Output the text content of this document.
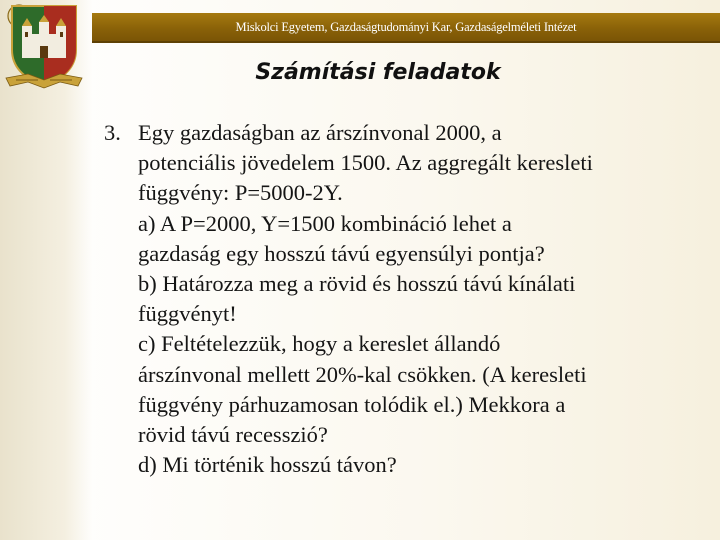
Miskolci Egyetem, Gazdaságtudományi Kar, Gazdaságelméleti Intézet
Számítási feladatok
3. Egy gazdaságban az árszínvonal 2000, a
potenciális jövedelem 1500. Az aggregált keresleti
függvény: P=5000-2Y.
a) A P=2000, Y=1500 kombináció lehet a
gazdaság egy hosszú távú egyensúlyi pontja?
b) Határozza meg a rövid és hosszú távú kínálati
függvényt!
c) Feltételezzük, hogy a kereslet állandó
árszínvonal mellett 20%-kal csökken. (A keresleti
függvény párhuzamosan tolódik el.) Mekkora a
rövid távú recesszió?
d) Mi történik hosszú távon?
